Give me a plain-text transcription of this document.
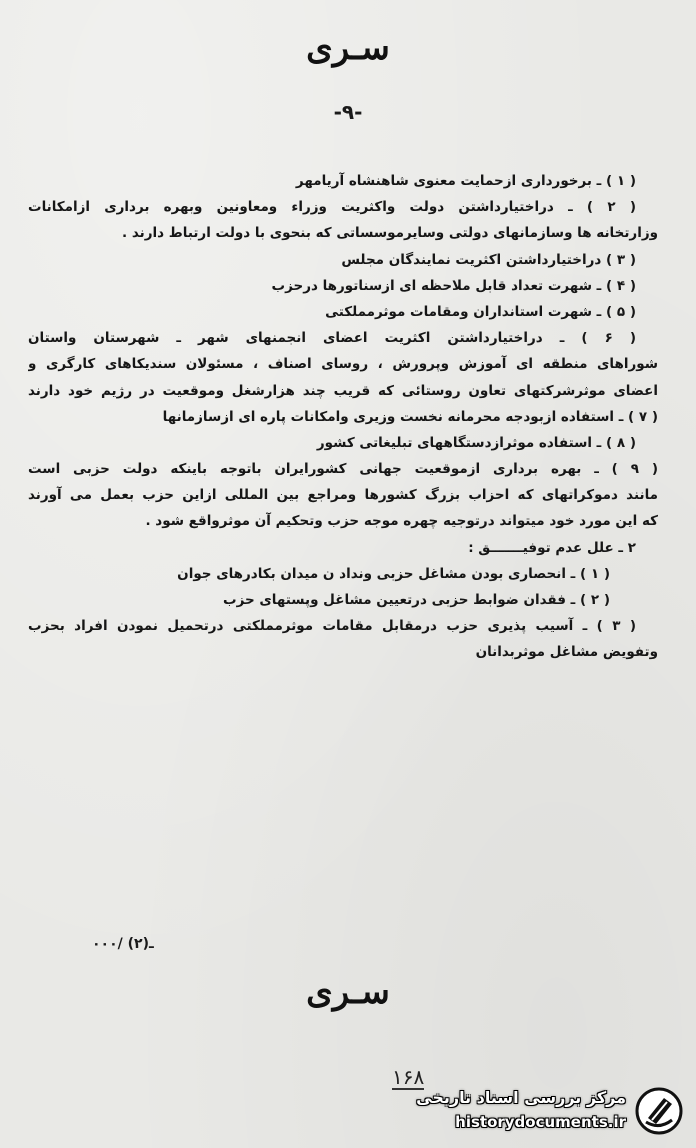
سـری
-۹-
( ۱ ) ـ برخورداری ازحمایت معنوی شاهنشاه آریامهر
( ۲ ) ـ دراختیارداشتن دولت واکثریت وزراء ومعاونین وبهره برداری ازامکانات
وزارتخانه ها وسازمانهای دولتی وسایرموسساتی که بنحوی با دولت ارتباط دارند .
( ۳ ) دراختیارداشتن اکثریت نمایندگان مجلس
( ۴ ) ـ شهرت تعداد قابل ملاحظه ای ازسناتورها درحزب
( ۵ ) ـ شهرت استانداران ومقامات موثرمملکتی
( ۶ ) ـ دراختیارداشتن اکثریت اعضای انجمنهای شهر ـ شهرستان واستان
شوراهای منطقه ای آموزش وپرورش ، روسای اصناف ، مسئولان سندیکاهای کارگری و
اعضای موثرشرکتهای تعاون روستائی که قریب چند هزارشغل وموقعیت در رژیم خود دارند
( ۷ ) ـ استفاده ازبودجه محرمانه نخست وزیری وامکانات پاره ای ازسازمانها
( ۸ ) ـ استفاده موثرازدستگاههای تبلیغاتی کشور
( ۹ ) ـ بهره برداری ازموقعیت جهانی کشورایران باتوجه باینکه دولت حزبی است
مانند دموکراتهای که احزاب بزرگ کشورها ومراجع بین المللی ازاین حزب بعمل می آورند
که این مورد خود میتواند درتوجیه چهره موجه حزب وتحکیم آن موثرواقع شود .
۲ ـ علل عدم توفیـــــــق :
( ۱ ) ـ انحصاری بودن مشاغل حزبی ونداد ن میدان بکادرهای جوان
( ۲ ) ـ فقدان ضوابط حزبی درتعیین مشاغل وپستهای حزب
( ۳ ) ـ آسیب پذیری حزب درمقابل مقامات موثرمملکتی درتحمیل نمودن افراد بحزب
وتفویض مشاغل موثربدانان
۰۰۰/ ـ(۲)
سـری
۱۶۸
مرکز بررسی اسناد تاریخی
historydocuments.ir
